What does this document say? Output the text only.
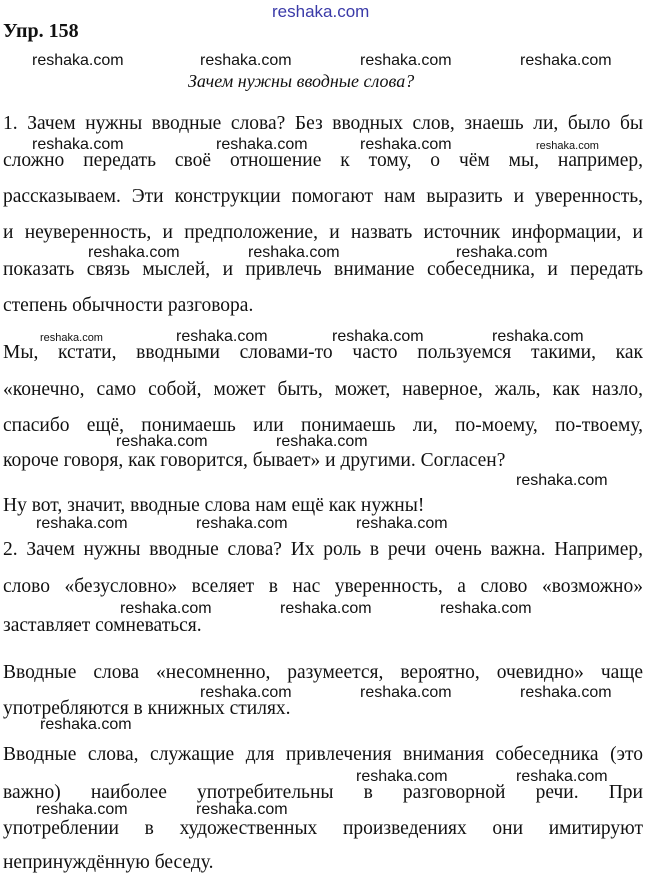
reshaka.com
Упр. 158
reshaka.com	reshaka.com	reshaka.com	reshaka.com
Зачем нужны вводные слова?
1. Зачем нужны вводные слова? Без вводных слов, знаешь ли, было бы
reshaka.com	reshaka.com	reshaka.com	reshaka.com
сложно передать своё отношение к тому, о чём мы, например,
рассказываем. Эти конструкции помогают нам выразить и уверенность,
и неуверенность, и предположение, и назвать источник информации, и
reshaka.com	reshaka.com	reshaka.com
показать связь мыслей, и привлечь внимание собеседника, и передать
степень обычности разговора.
reshaka.com	reshaka.com	reshaka.com	reshaka.com
Мы, кстати, вводными словами-то часто пользуемся такими, как
«конечно, само собой, может быть, может, наверное, жаль, как назло,
спасибо ещё, понимаешь или понимаешь ли, по-моему, по-твоему,
reshaka.com	reshaka.com
короче говоря, как говорится, бывает» и другими. Согласен?
reshaka.com
Ну вот, значит, вводные слова нам ещё как нужны!
reshaka.com	reshaka.com	reshaka.com
2. Зачем нужны вводные слова? Их роль в речи очень важна. Например,
слово «безусловно» вселяет в нас уверенность, а слово «возможно»
reshaka.com	reshaka.com	reshaka.com
заставляет сомневаться.
Вводные слова «несомненно, разумеется, вероятно, очевидно» чаще
reshaka.com	reshaka.com	reshaka.com
употребляются в книжных стилях.
reshaka.com
Вводные слова, служащие для привлечения внимания собеседника (это
reshaka.com	reshaka.com
важно) наиболее употребительны в разговорной речи. При
reshaka.com	reshaka.com
употреблении в художественных произведениях они имитируют
непринуждённую беседу.
